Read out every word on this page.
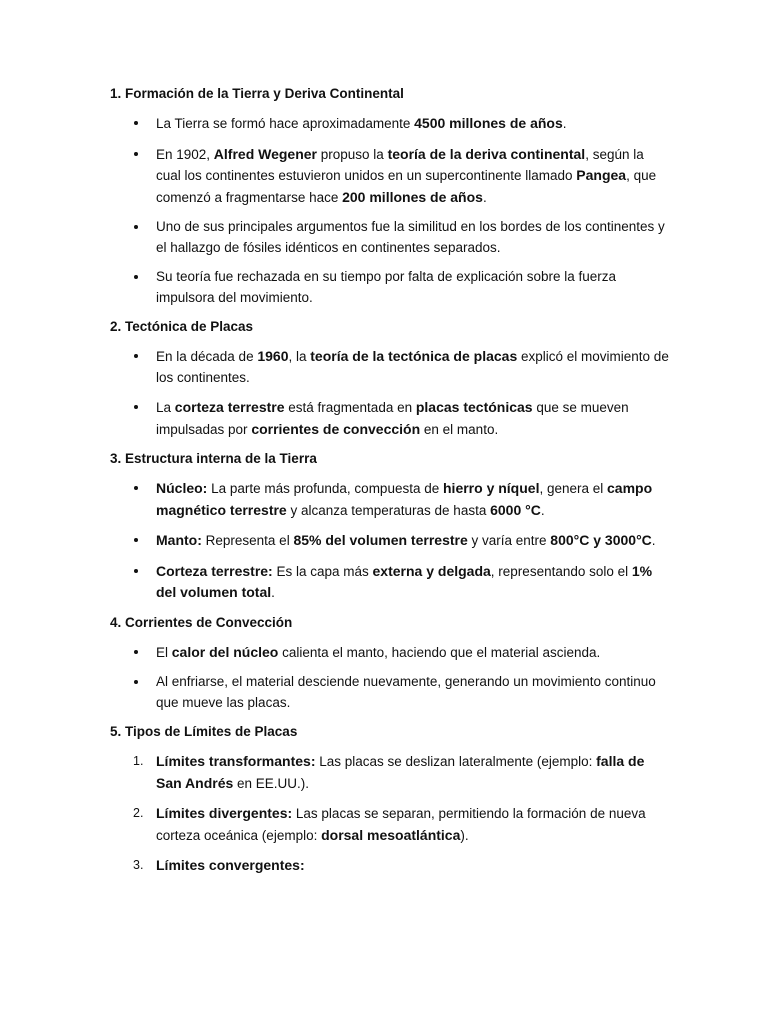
1. Formación de la Tierra y Deriva Continental
La Tierra se formó hace aproximadamente 4500 millones de años.
En 1902, Alfred Wegener propuso la teoría de la deriva continental, según la cual los continentes estuvieron unidos en un supercontinente llamado Pangea, que comenzó a fragmentarse hace 200 millones de años.
Uno de sus principales argumentos fue la similitud en los bordes de los continentes y el hallazgo de fósiles idénticos en continentes separados.
Su teoría fue rechazada en su tiempo por falta de explicación sobre la fuerza impulsora del movimiento.
2. Tectónica de Placas
En la década de 1960, la teoría de la tectónica de placas explicó el movimiento de los continentes.
La corteza terrestre está fragmentada en placas tectónicas que se mueven impulsadas por corrientes de convección en el manto.
3. Estructura interna de la Tierra
Núcleo: La parte más profunda, compuesta de hierro y níquel, genera el campo magnético terrestre y alcanza temperaturas de hasta 6000 °C.
Manto: Representa el 85% del volumen terrestre y varía entre 800°C y 3000°C.
Corteza terrestre: Es la capa más externa y delgada, representando solo el 1% del volumen total.
4. Corrientes de Convección
El calor del núcleo calienta el manto, haciendo que el material ascienda.
Al enfriarse, el material desciende nuevamente, generando un movimiento continuo que mueve las placas.
5. Tipos de Límites de Placas
1. Límites transformantes: Las placas se deslizan lateralmente (ejemplo: falla de San Andrés en EE.UU.).
2. Límites divergentes: Las placas se separan, permitiendo la formación de nueva corteza oceánica (ejemplo: dorsal mesoatlántica).
3. Límites convergentes:
